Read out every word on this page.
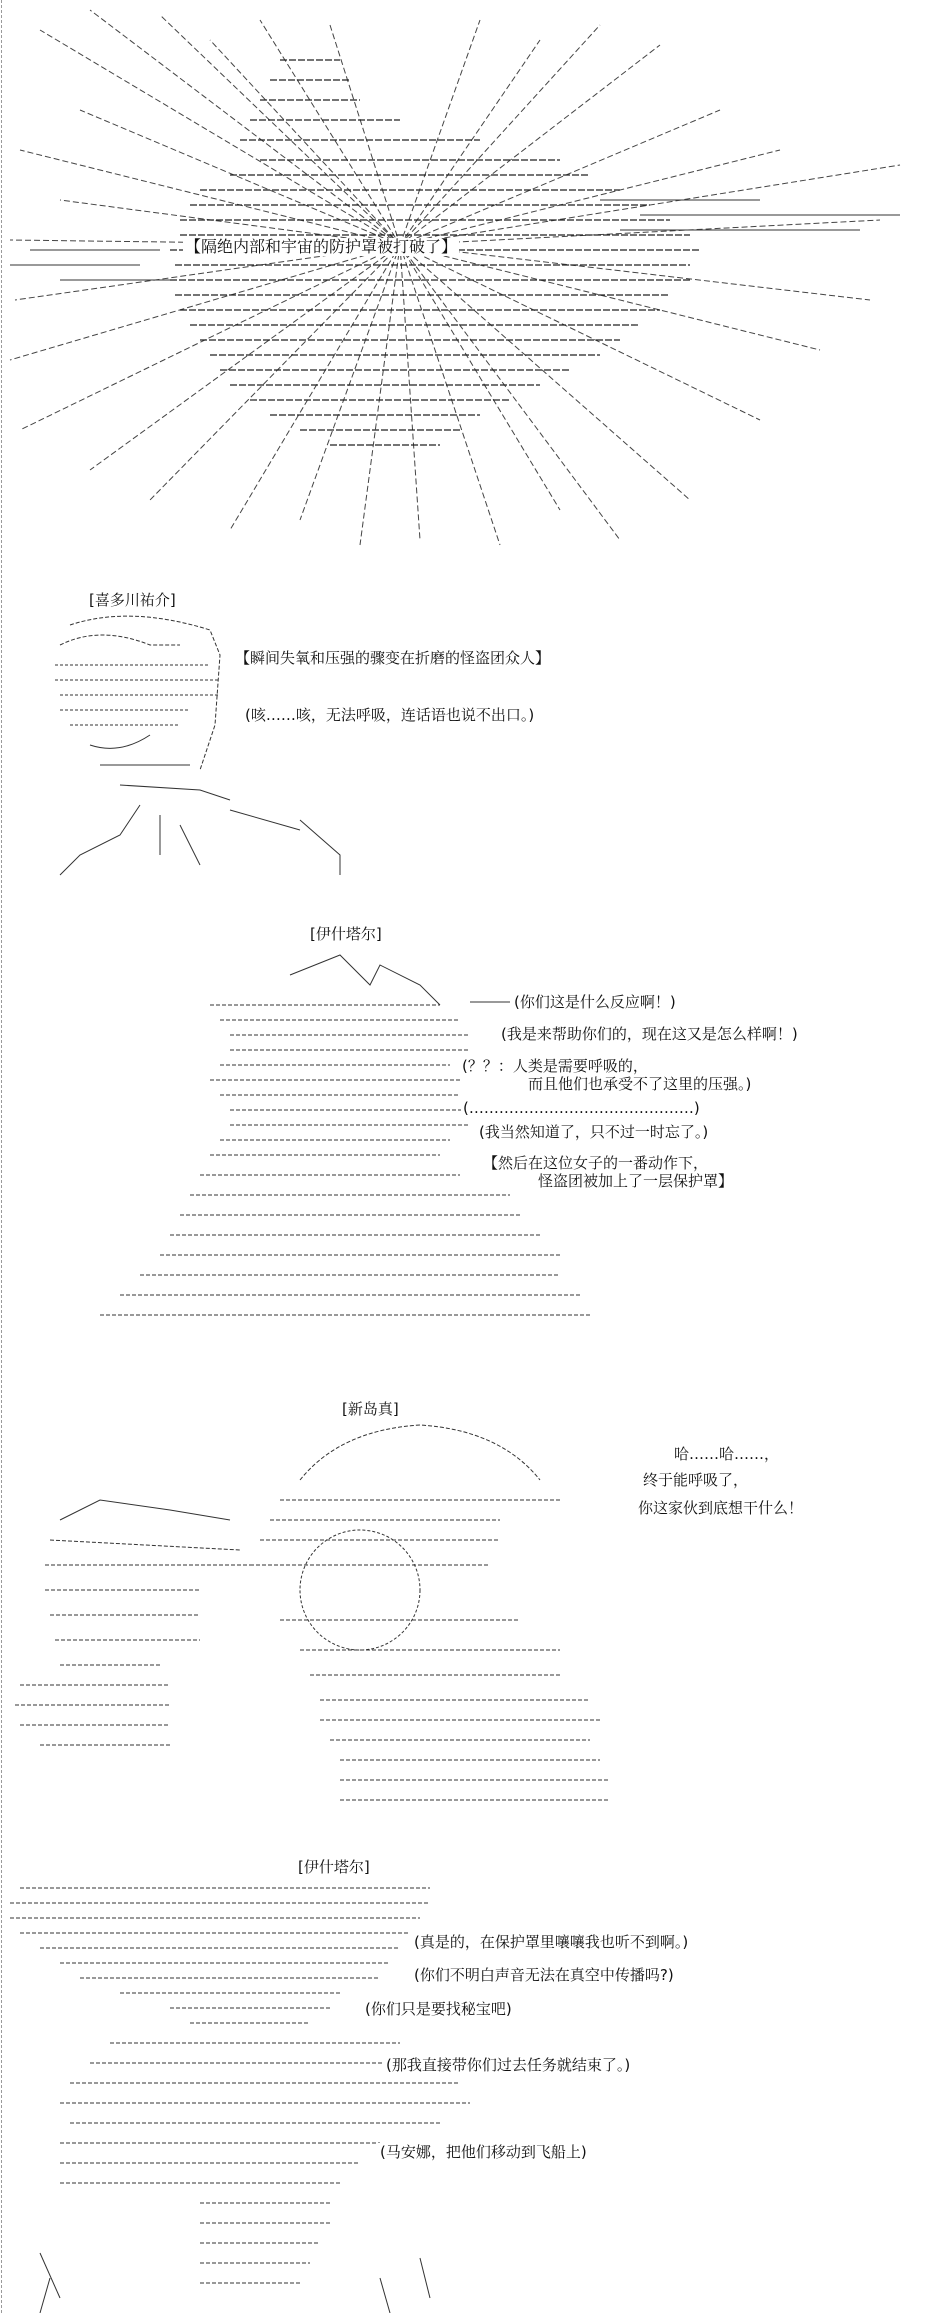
【隔绝内部和宇宙的防护罩被打破了】
[喜多川祐介]
【瞬间失氧和压强的骤变在折磨的怪盗团众人】
(咳……咳，无法呼吸，连话语也说不出口。)
[伊什塔尔]
(你们这是什么反应啊！)
(我是来帮助你们的，现在这又是怎么样啊！)
(？？：人类是需要呼吸的，
而且他们也承受不了这里的压强。)
(………………………………………)
(我当然知道了，只不过一时忘了。)
【然后在这位女子的一番动作下，
怪盗团被加上了一层保护罩】
[新岛真]
哈……哈……，
终于能呼吸了，
你这家伙到底想干什么！
[伊什塔尔]
(真是的，在保护罩里嚷嚷我也听不到啊。)
(你们不明白声音无法在真空中传播吗?)
(你们只是要找秘宝吧)
(那我直接带你们过去任务就结束了。)
(马安娜，把他们移动到飞船上)
